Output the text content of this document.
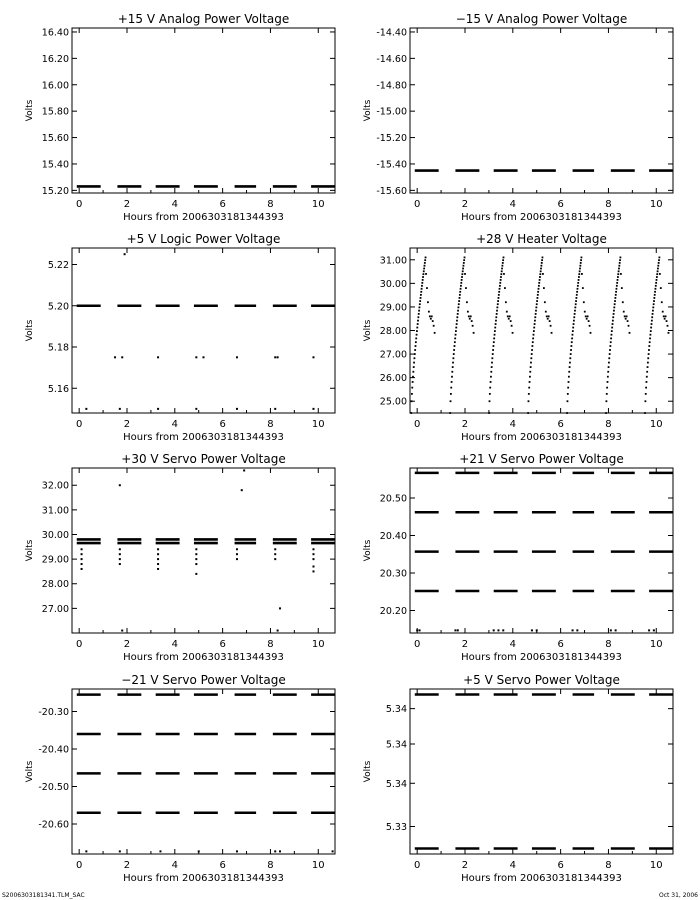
+15 V Analog Power Voltage
Hours from 2006303181344393
Volts
0	2	4	6	8	10
15.20
15.40
15.60
15.80
16.00
16.20
16.40
−15 V Analog Power Voltage
Hours from 2006303181344393
Volts
0	2	4	6	8	10
-14.40
-14.60
-14.80
-15.00
-15.20
-15.40
-15.60
+5 V Logic Power Voltage
Hours from 2006303181344393
Volts
0	2	4	6	8	10
5.16
5.18
5.20
5.22
+28 V Heater Voltage
Hours from 2006303181344393
Volts
0	2	4	6	8	10
25.00
26.00
27.00
28.00
29.00
30.00
31.00
+30 V Servo Power Voltage
Hours from 2006303181344393
Volts
0	2	4	6	8	10
27.00
28.00
29.00
30.00
31.00
32.00
+21 V Servo Power Voltage
Hours from 2006303181344393
Volts
0	2	4	6	8	10
20.20
20.30
20.40
20.50
−21 V Servo Power Voltage
Hours from 2006303181344393
Volts
0	2	4	6	8	10
-20.30
-20.40
-20.50
-20.60
+5 V Servo Power Voltage
Hours from 2006303181344393
Volts
0	2	4	6	8	10
5.33
5.34
5.34
5.34
S2006303181341.TLM_SAC	Oct 31, 2006
